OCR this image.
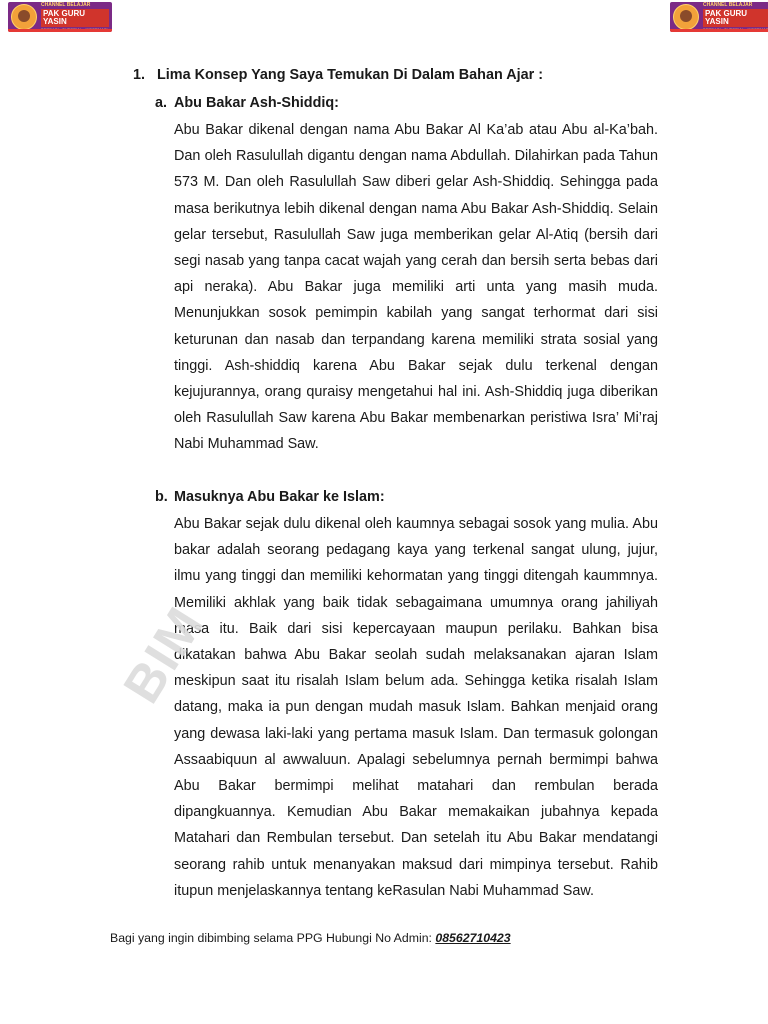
CHANNEL BELAJAR
PAK GURU YASIN
CHANNEL BELAJAR
PAK GURU YASIN

1. Lima Konsep Yang Saya Temukan Di Dalam Bahan Ajar :

a. Abu Bakar Ash-Shiddiq:

Abu Bakar dikenal dengan nama Abu Bakar Al Ka’ab atau Abu al-Ka’bah. Dan oleh Rasulullah digantu dengan nama Abdullah. Dilahirkan pada Tahun 573 M. Dan oleh Rasulullah Saw diberi gelar Ash-Shiddiq. Sehingga pada masa berikutnya lebih dikenal dengan nama Abu Bakar Ash-Shiddiq. Selain gelar tersebut, Rasulullah Saw juga memberikan gelar Al-Atiq (bersih dari segi nasab yang tanpa cacat wajah yang cerah dan bersih serta bebas dari api neraka). Abu Bakar juga memiliki arti unta yang masih muda. Menunjukkan sosok pemimpin kabilah yang sangat terhormat dari sisi keturunan dan nasab dan terpandang karena memiliki strata sosial yang tinggi. Ash-shiddiq karena Abu Bakar sejak dulu terkenal dengan kejujurannya, orang quraisy mengetahui hal ini. Ash-Shiddiq juga diberikan oleh Rasulullah Saw karena Abu Bakar membenarkan peristiwa Isra’ Mi’raj Nabi Muhammad Saw.

b. Masuknya Abu Bakar ke Islam:

Abu Bakar sejak dulu dikenal oleh kaumnya sebagai sosok yang mulia. Abu bakar adalah seorang pedagang kaya yang terkenal sangat ulung, jujur, ilmu yang tinggi dan memiliki kehormatan yang tinggi ditengah kaummnya. Memiliki akhlak yang baik tidak sebagaimana umumnya orang jahiliyah masa itu. Baik dari sisi kepercayaan maupun perilaku. Bahkan bisa dikatakan bahwa Abu Bakar seolah sudah melaksanakan ajaran Islam meskipun saat itu risalah Islam belum ada. Sehingga ketika risalah Islam datang, maka ia pun dengan mudah masuk Islam. Bahkan menjaid orang yang dewasa laki-laki yang pertama masuk Islam. Dan termasuk golongan Assaabiquun al awwaluun. Apalagi sebelumnya pernah bermimpi bahwa Abu Bakar bermimpi melihat matahari dan rembulan berada dipangkuannya. Kemudian Abu Bakar memakaikan jubahnya kepada Matahari dan Rembulan tersebut. Dan setelah itu Abu Bakar mendatangi seorang rahib untuk menanyakan maksud dari mimpinya tersebut. Rahib itupun menjelaskannya tentang keRasulan Nabi Muhammad Saw.

BIM

Bagi yang ingin dibimbing selama PPG Hubungi No Admin: 08562710423
